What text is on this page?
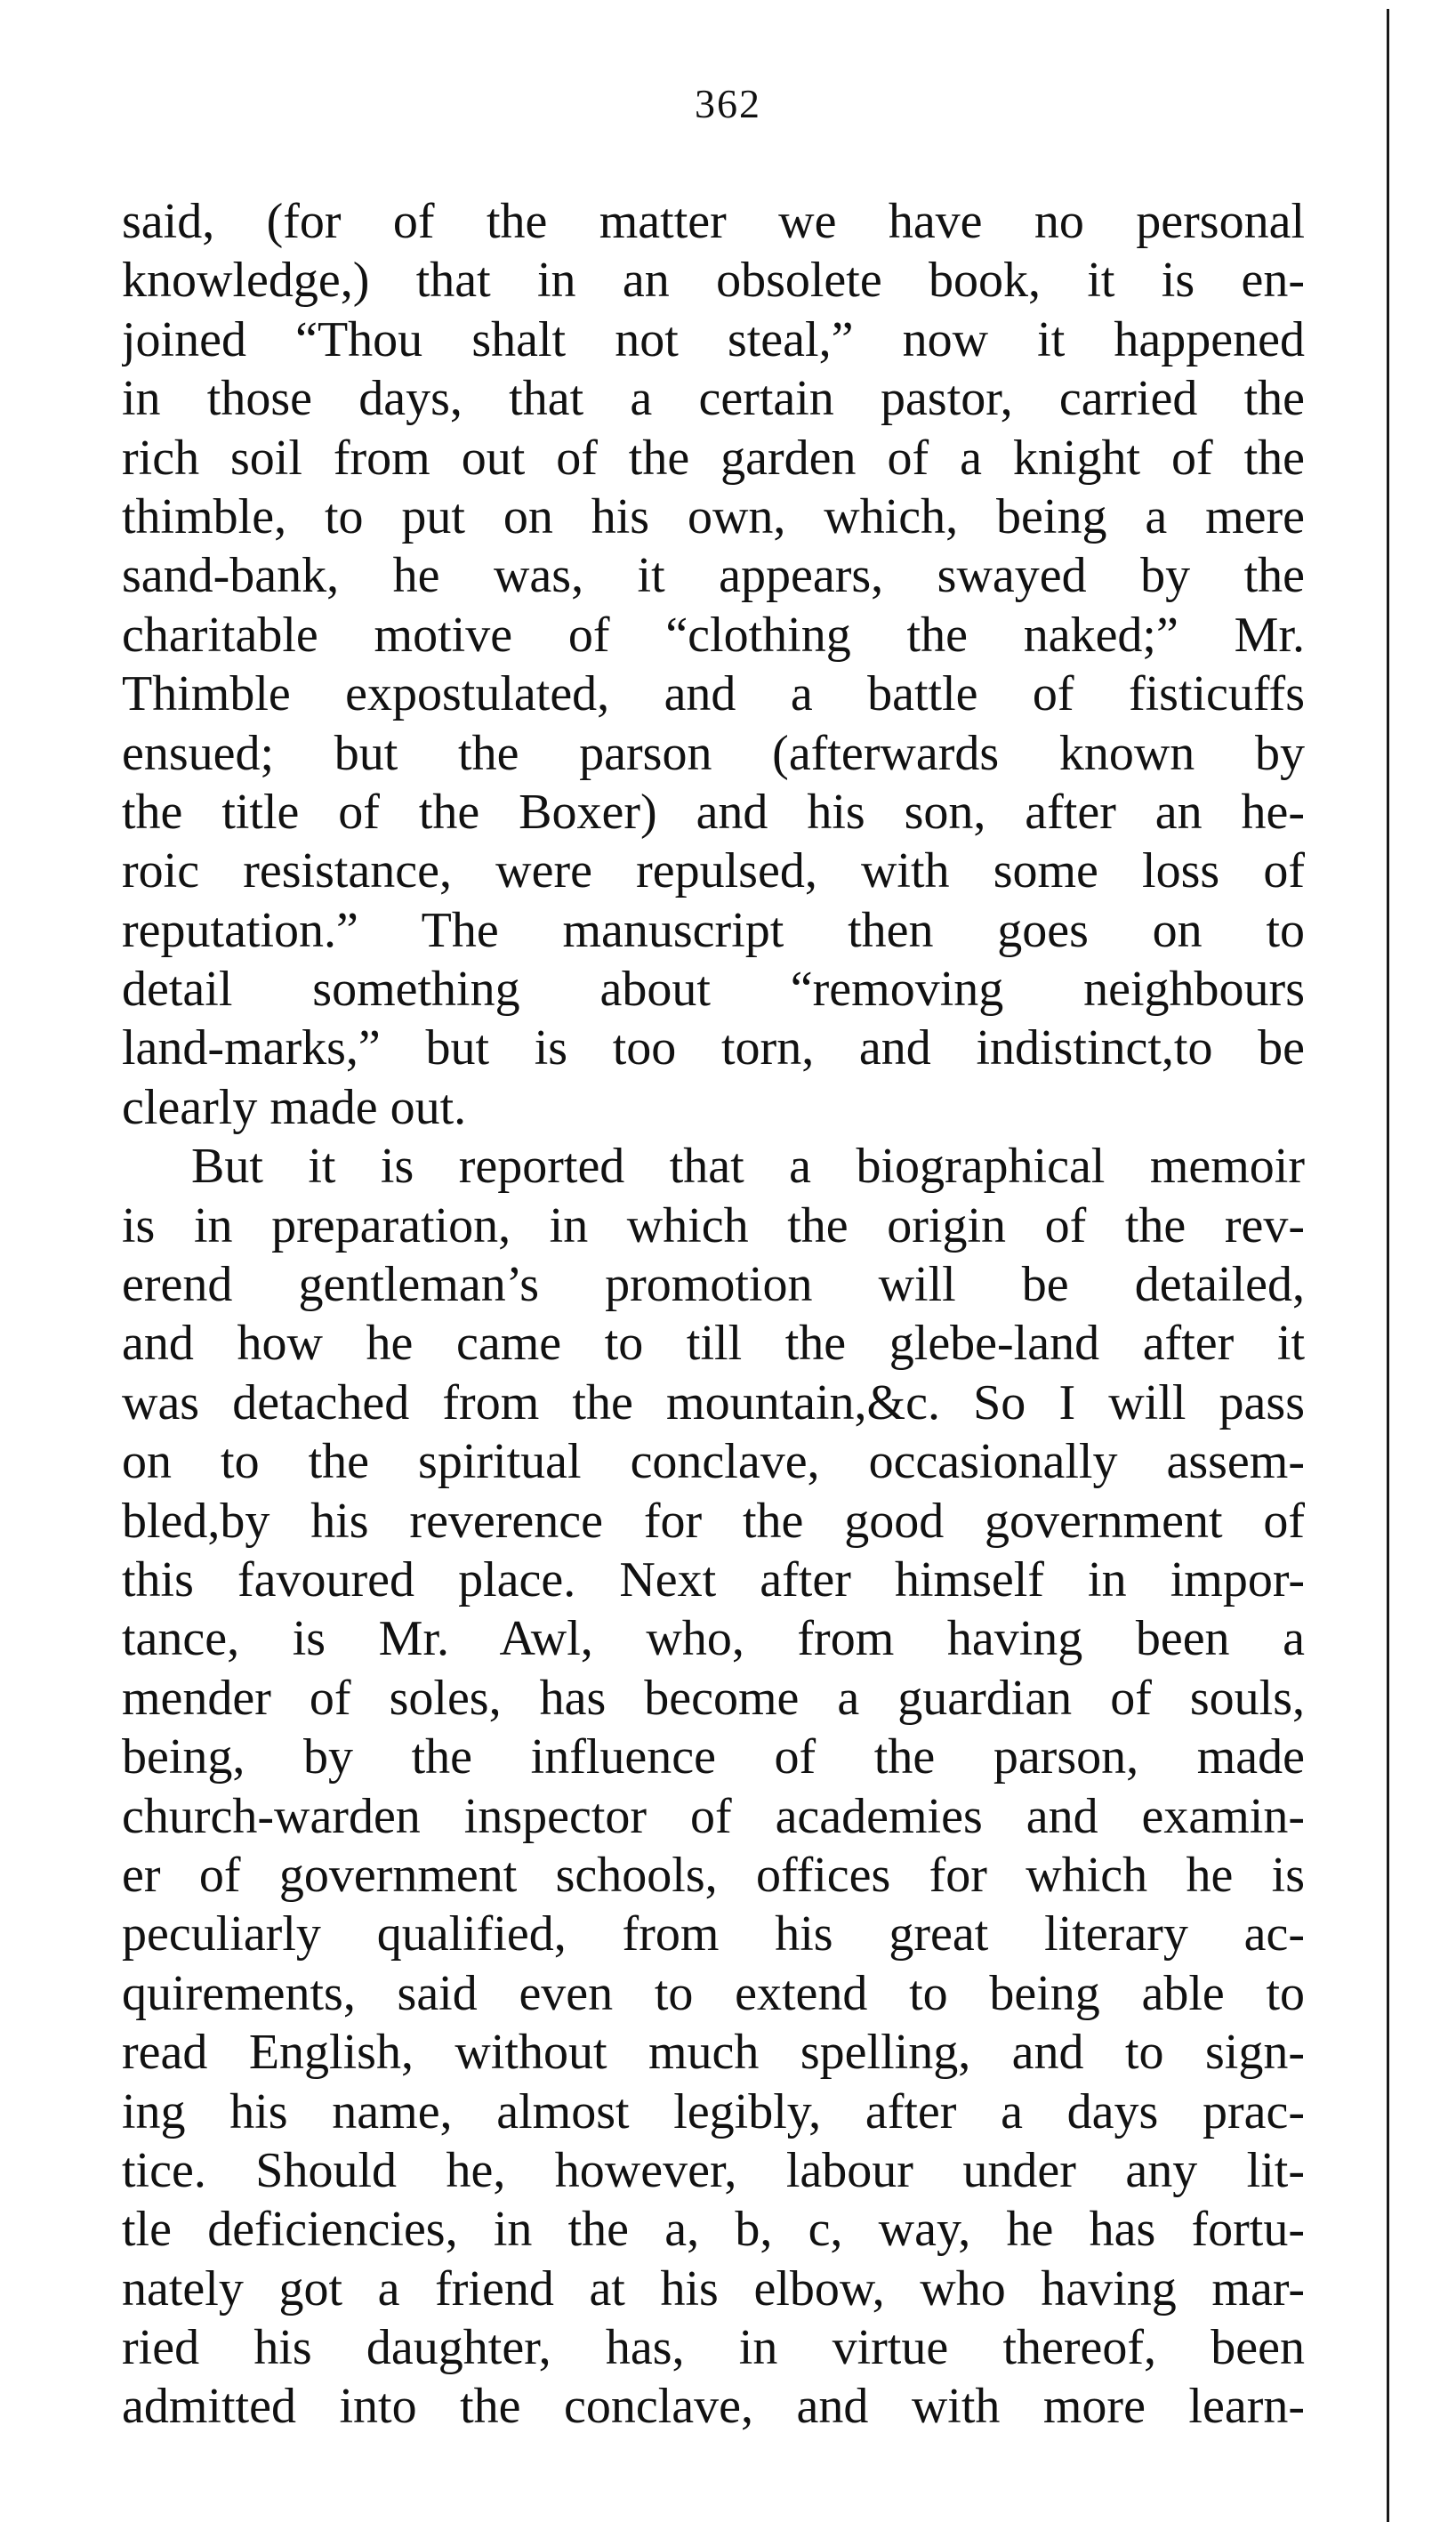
362
said, (for of the matter we have no personal
knowledge,) that in an obsolete book, it is en-
joined “Thou shalt not steal,” now it happened
in those days, that a certain pastor, carried the
rich soil from out of the garden of a knight of the
thimble, to put on his own, which, being a mere
sand-bank, he was, it appears, swayed by the
charitable motive of “clothing the naked;” Mr.
Thimble expostulated, and a battle of fisticuffs
ensued; but the parson (afterwards known by
the title of the Boxer) and his son, after an he-
roic resistance, were repulsed, with some loss of
reputation.” The manuscript then goes on to
detail something about “removing neighbours
land-marks,” but is too torn, and indistinct,to be
clearly made out.
But it is reported that a biographical memoir
is in preparation, in which the origin of the rev-
erend gentleman’s promotion will be detailed,
and how he came to till the glebe-land after it
was detached from the mountain,&c. So I will pass
on to the spiritual conclave, occasionally assem-
bled,by his reverence for the good government of
this favoured place. Next after himself in impor-
tance, is Mr. Awl, who, from having been a
mender of soles, has become a guardian of souls,
being, by the influence of the parson, made
church-warden inspector of academies and examin-
er of government schools, offices for which he is
peculiarly qualified, from his great literary ac-
quirements, said even to extend to being able to
read English, without much spelling, and to sign-
ing his name, almost legibly, after a days prac-
tice. Should he, however, labour under any lit-
tle deficiencies, in the a, b, c, way, he has fortu-
nately got a friend at his elbow, who having mar-
ried his daughter, has, in virtue thereof, been
admitted into the conclave, and with more learn-
